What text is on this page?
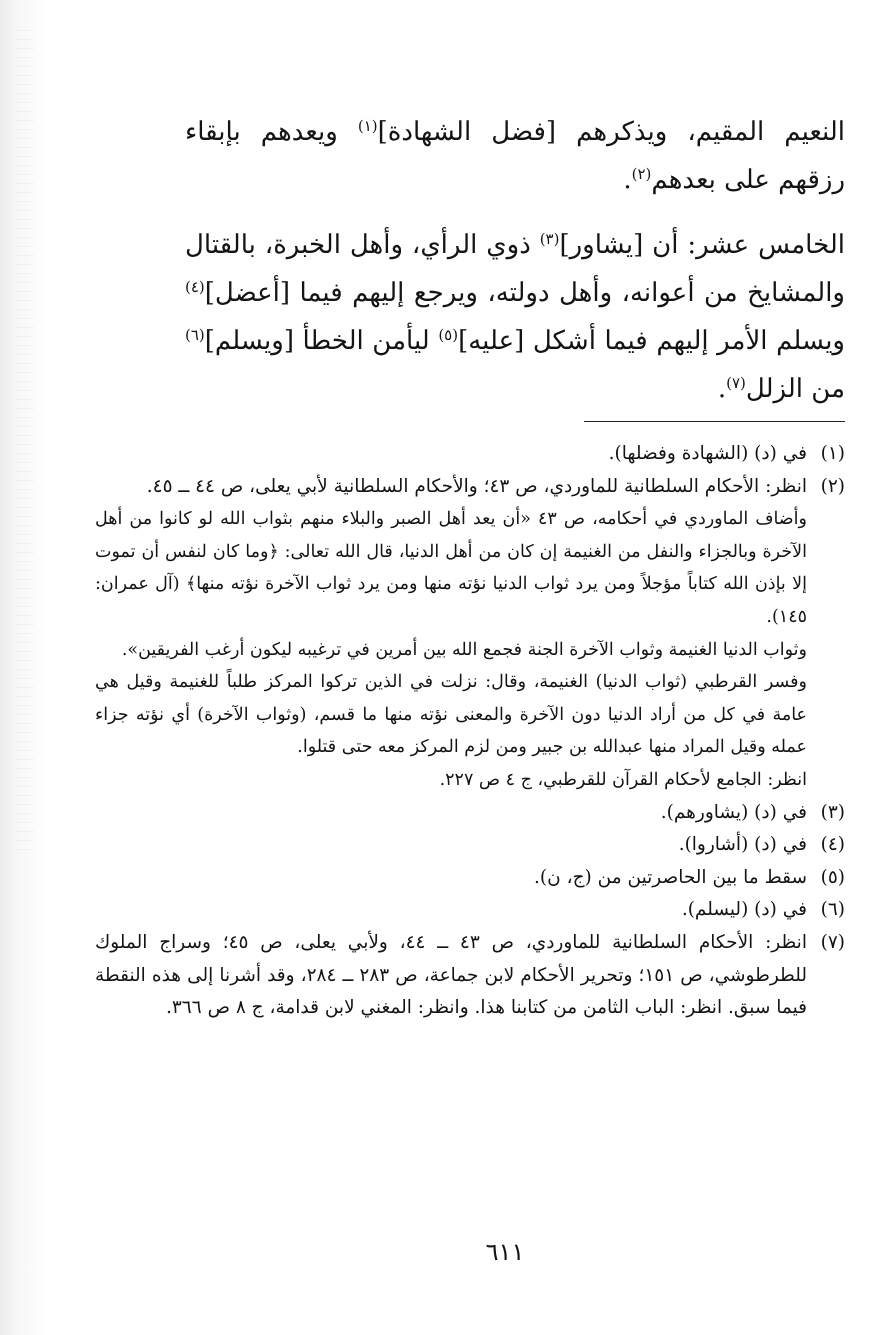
النعيم المقيم، ويذكرهم [فضل الشهادة]$^{(١)}$ ويعدهم بإبقاء رزقهم على بعدهم$^{(٢)}$.

الخامس عشر: أن [يشاور]$^{(٣)}$ ذوي الرأي، وأهل الخبرة، بالقتال والمشايخ من أعوانه، وأهل دولته، ويرجع إليهم فيما [أعضل]$^{(٤)}$ ويسلم الأمر إليهم فيما أشكل [عليه]$^{(٥)}$ ليأمن الخطأ [ويسلم]$^{(٦)}$ من الزلل$^{(٧)}$.

(١)

في (د) (الشهادة وفضلها).

(٢)

انظر: الأحكام السلطانية للماوردي، ص ٤٣؛ والأحكام السلطانية لأبي يعلى، ص ٤٤ ــ ٤٥.

وأضاف الماوردي في أحكامه، ص ٤٣ «أن يعد أهل الصبر والبلاء منهم بثواب الله لو كانوا من أهل الآخرة وبالجزاء والنفل من الغنيمة إن كان من أهل الدنيا، قال الله تعالى: ﴿وما كان لنفس أن تموت إلا بإذن الله كتاباً مؤجلاً ومن يرد ثواب الدنيا نؤته منها ومن يرد ثواب الآخرة نؤته منها﴾ (آل عمران: ١٤٥).

وثواب الدنيا الغنيمة وثواب الآخرة الجنة فجمع الله بين أمرين في ترغيبه ليكون أرغب الفريقين».

وفسر القرطبي (ثواب الدنيا) الغنيمة، وقال: نزلت في الذين تركوا المركز طلباً للغنيمة وقيل هي عامة في كل من أراد الدنيا دون الآخرة والمعنى نؤته منها ما قسم، (وثواب الآخرة) أي نؤته جزاء عمله وقيل المراد منها عبدالله بن جبير ومن لزم المركز معه حتى قتلوا.

انظر: الجامع لأحكام القرآن للقرطبي، ج ٤ ص ٢٢٧.

(٣)

في (د) (يشاورهم).

(٤)

في (د) (أشاروا).

(٥)

سقط ما بين الحاصرتين من (ج، ن).

(٦)

في (د) (ليسلم).

(٧)

انظر: الأحكام السلطانية للماوردي، ص ٤٣ ــ ٤٤، ولأبي يعلى، ص ٤٥؛ وسراج الملوك للطرطوشي، ص ١٥١؛ وتحرير الأحكام لابن جماعة، ص ٢٨٣ ــ ٢٨٤، وقد أشرنا إلى هذه النقطة فيما سبق. انظر: الباب الثامن من كتابنا هذا. وانظر: المغني لابن قدامة، ج ٨ ص ٣٦٦.

٦١١
